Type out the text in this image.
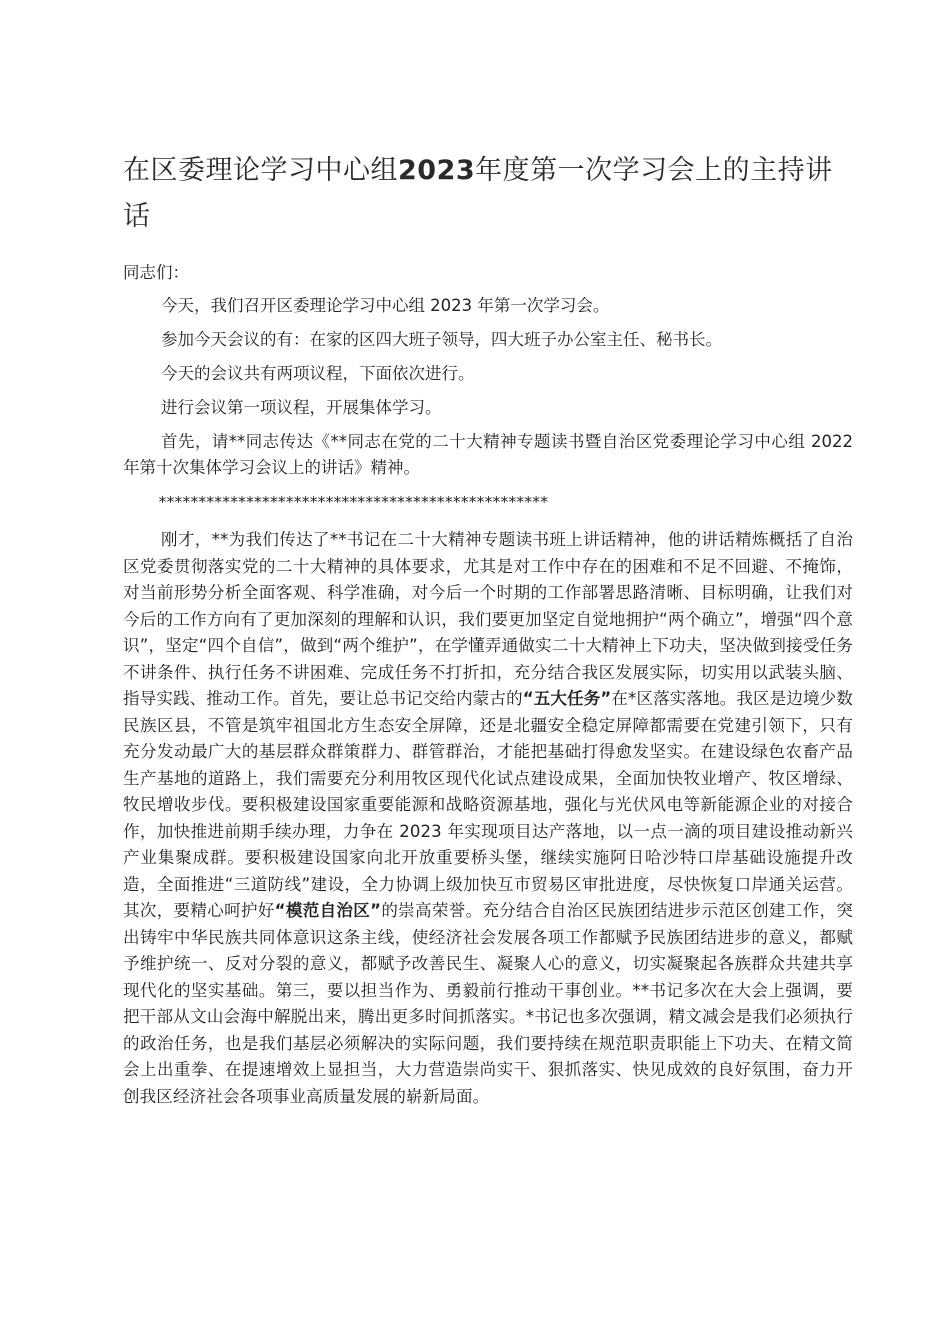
在区委理论学习中心组2023年度第一次学习会上的主持讲话

同志们：

今天，我们召开区委理论学习中心组 2023 年第一次学习会。

参加今天会议的有：在家的区四大班子领导，四大班子办公室主任、秘书长。

今天的会议共有两项议程，下面依次进行。

进行会议第一项议程，开展集体学习。

首先，请**同志传达《**同志在党的二十大精神专题读书暨自治区党委理论学习中心组 2022 年第十次集体学习会议上的讲话》精神。

*************************************************

刚才，**为我们传达了**书记在二十大精神专题读书班上讲话精神，他的讲话精炼概括了自治区党委贯彻落实党的二十大精神的具体要求，尤其是对工作中存在的困难和不足不回避、不掩饰，对当前形势分析全面客观、科学准确，对今后一个时期的工作部署思路清晰、目标明确，让我们对今后的工作方向有了更加深刻的理解和认识，我们要更加坚定自觉地拥护“两个确立”，增强“四个意识”，坚定“四个自信”，做到“两个维护”，在学懂弄通做实二十大精神上下功夫，坚决做到接受任务不讲条件、执行任务不讲困难、完成任务不打折扣，充分结合我区发展实际，切实用以武装头脑、指导实践、推动工作。首先，要让总书记交给内蒙古的“五大任务”在*区落实落地。我区是边境少数民族区县，不管是筑牢祖国北方生态安全屏障，还是北疆安全稳定屏障都需要在党建引领下，只有充分发动最广大的基层群众群策群力、群管群治，才能把基础打得愈发坚实。在建设绿色农畜产品生产基地的道路上，我们需要充分利用牧区现代化试点建设成果，全面加快牧业增产、牧区增绿、牧民增收步伐。要积极建设国家重要能源和战略资源基地，强化与光伏风电等新能源企业的对接合作，加快推进前期手续办理，力争在 2023 年实现项目达产落地，以一点一滴的项目建设推动新兴产业集聚成群。要积极建设国家向北开放重要桥头堡，继续实施阿日哈沙特口岸基础设施提升改造，全面推进“三道防线”建设，全力协调上级加快互市贸易区审批进度，尽快恢复口岸通关运营。其次，要精心呵护好“模范自治区”的崇高荣誉。充分结合自治区民族团结进步示范区创建工作，突出铸牢中华民族共同体意识这条主线，使经济社会发展各项工作都赋予民族团结进步的意义，都赋予维护统一、反对分裂的意义，都赋予改善民生、凝聚人心的意义，切实凝聚起各族群众共建共享现代化的坚实基础。第三，要以担当作为、勇毅前行推动干事创业。**书记多次在大会上强调，要把干部从文山会海中解脱出来，腾出更多时间抓落实。*书记也多次强调，精文减会是我们必须执行的政治任务，也是我们基层必须解决的实际问题，我们要持续在规范职责职能上下功夫、在精文简会上出重拳、在提速增效上显担当，大力营造崇尚实干、狠抓落实、快见成效的良好氛围，奋力开创我区经济社会各项事业高质量发展的崭新局面。
